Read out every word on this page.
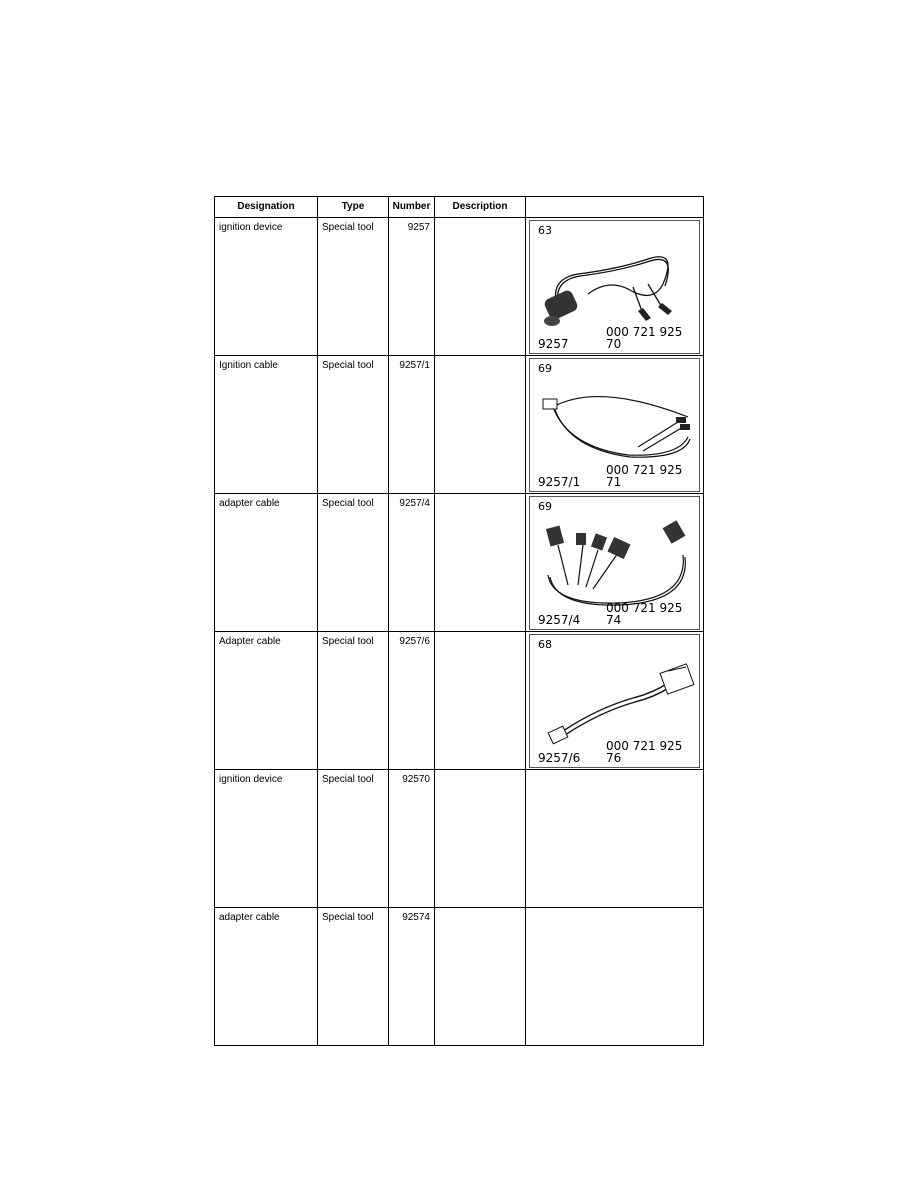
Designation	Type	Number	Description	

ignition device	Special tool	9257		63
9257
000 721 925 70

Ignition cable	Special tool	9257/1		69
9257/1
000 721 925 71

adapter cable	Special tool	9257/4		69
9257/4
000 721 925 74

Adapter cable	Special tool	9257/6		68
9257/6
000 721 925 76

ignition device	Special tool	92570		

adapter cable	Special tool	92574		
